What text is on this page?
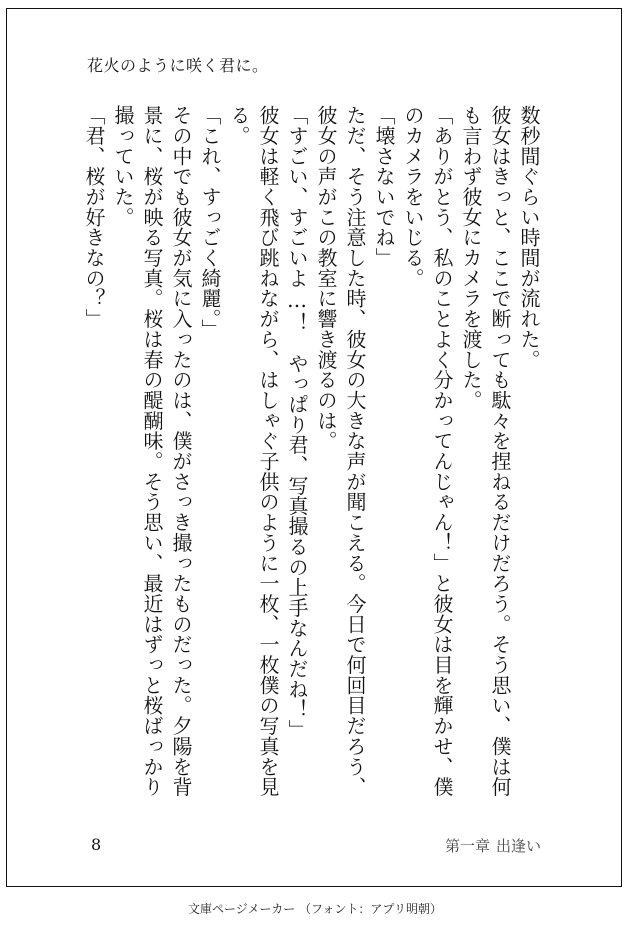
花火のように咲く君に。

数秒間ぐらい時間が流れた。

彼女はきっと、ここで断っても駄々を捏ねるだけだろう。そう思い、僕は何も言わず彼女にカメラを渡した。

「ありがとう、私のことよく分かってんじゃん！」と彼女は目を輝かせ、僕のカメラをいじる。

「壊さないでね」

ただ、そう注意した時、彼女の大きな声が聞こえる。今日で何回目だろう、彼女の声がこの教室に響き渡るのは。

「すごい、すごいよ…！　やっぱり君、写真撮るの上手なんだね！」

彼女は軽く飛び跳ねながら、はしゃぐ子供のように一枚、一枚僕の写真を見る。

「これ、すっごく綺麗。」

その中でも彼女が気に入ったのは、僕がさっき撮ったものだった。夕陽を背景に、桜が映る写真。桜は春の醍醐味。そう思い、最近はずっと桜ばっかり撮っていた。

「君、桜が好きなの？」

8	第一章 出逢い
文庫ページメーカー （フォント：アプリ明朝）
